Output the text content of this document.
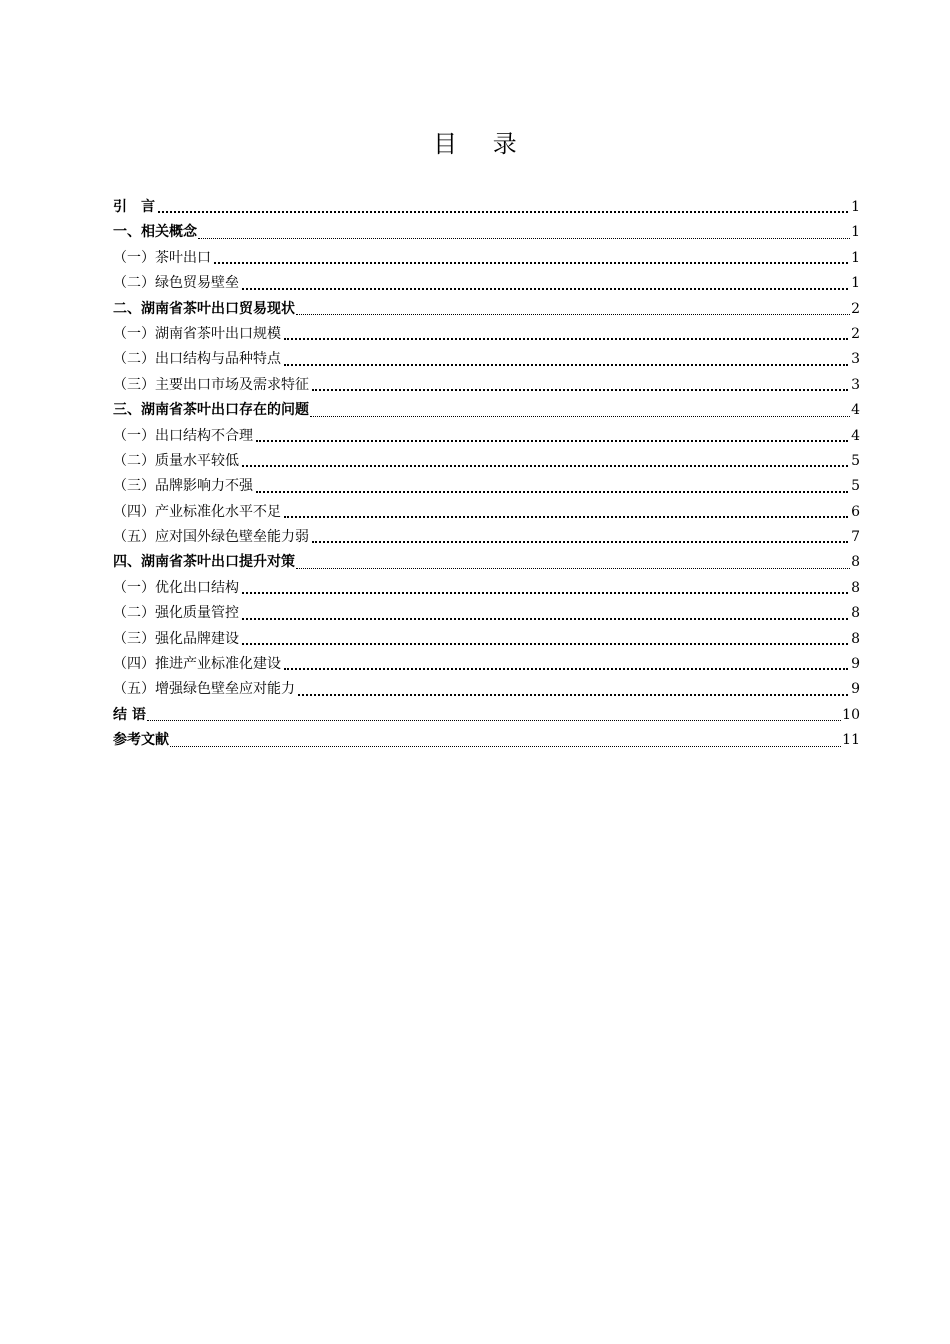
目 录
引　言	1
一、相关概念	1
（一）茶叶出口	1
（二）绿色贸易壁垒	1
二、湖南省茶叶出口贸易现状	2
（一）湖南省茶叶出口规模	2
（二）出口结构与品种特点	3
（三）主要出口市场及需求特征	3
三、湖南省茶叶出口存在的问题	4
（一）出口结构不合理	4
（二）质量水平较低	5
（三）品牌影响力不强	5
（四）产业标准化水平不足	6
（五）应对国外绿色壁垒能力弱	7
四、湖南省茶叶出口提升对策	8
（一）优化出口结构	8
（二）强化质量管控	8
（三）强化品牌建设	8
（四）推进产业标准化建设	9
（五）增强绿色壁垒应对能力	9
结 语	10
参考文献	11
